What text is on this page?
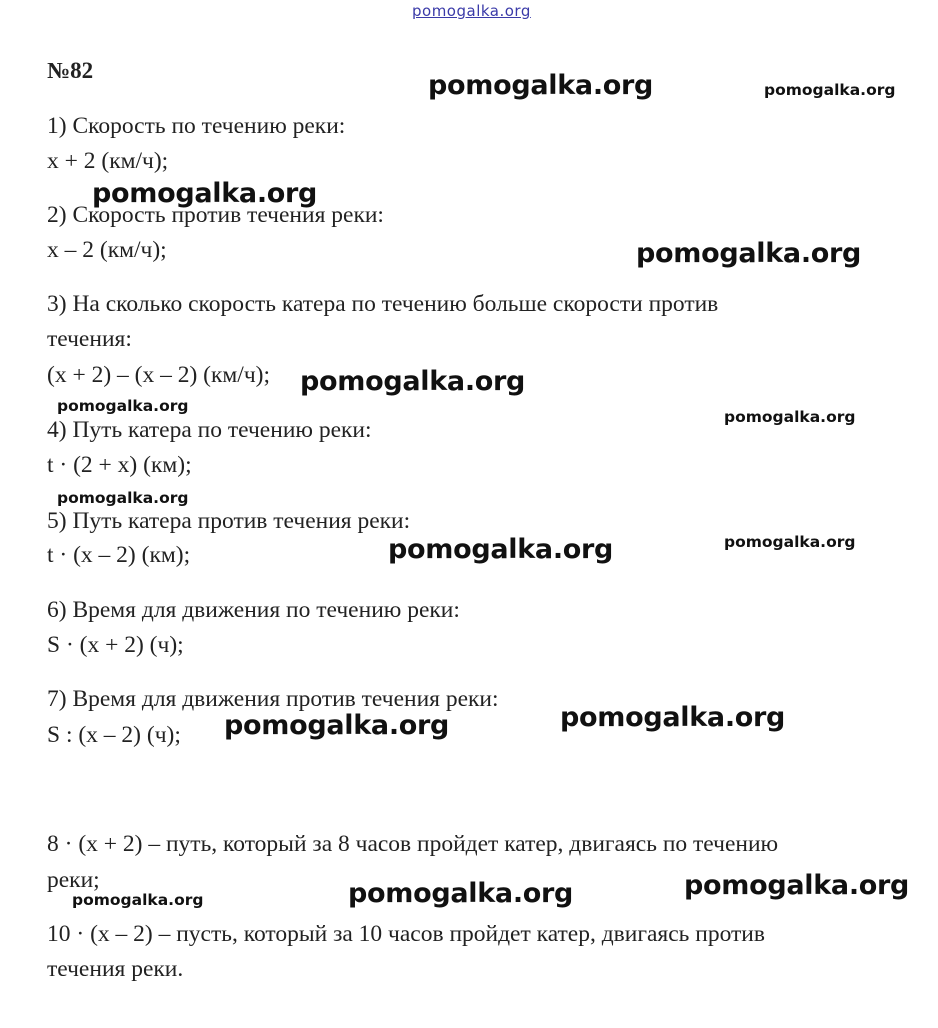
pomogalka.org
№82
1) Скорость по течению реки:
x + 2 (км/ч);
2) Скорость против течения реки:
x – 2 (км/ч);
3) На сколько скорость катера по течению больше скорости против
течения:
(x + 2) – (x – 2) (км/ч);
4) Путь катера по течению реки:
t · (2 + x) (км);
5) Путь катера против течения реки:
t · (x – 2) (км);
6) Время для движения по течению реки:
S · (x + 2) (ч);
7) Время для движения против течения реки:
S : (x – 2) (ч);
8 · (x + 2) – путь, который за 8 часов пройдет катер, двигаясь по течению
реки;
10 · (x – 2) – пусть, который за 10 часов пройдет катер, двигаясь против
течения реки.
pomogalka.org	pomogalka.org
pomogalka.org
pomogalka.org
pomogalka.org
pomogalka.org
pomogalka.org
pomogalka.org
pomogalka.org	pomogalka.org
pomogalka.org
pomogalka.org
pomogalka.org
pomogalka.org
pomogalka.org
